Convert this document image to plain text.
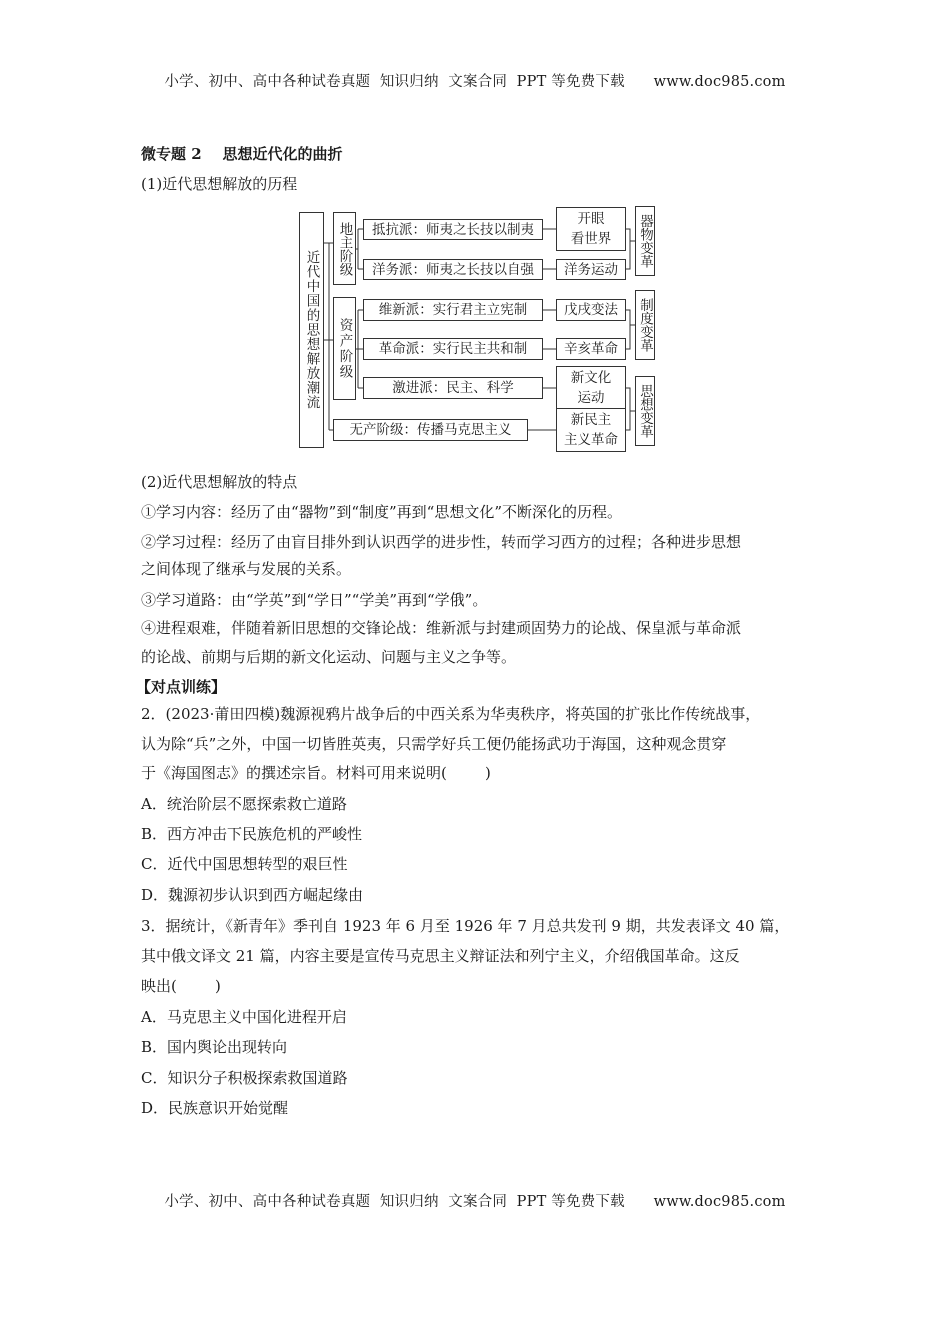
小学、初中、高中各种试卷真题  知识归纳  文案合同  PPT 等免费下载      www.doc985.com
微专题 2    思想近代化的曲折
(1)近代思想解放的历程
近代中国的思想解放潮流
地主阶级
资产阶级
抵抗派：师夷之长技以制夷
洋务派：师夷之长技以自强
维新派：实行君主立宪制
革命派：实行民主共和制
激进派：民主、科学
无产阶级：传播马克思主义
开眼
看世界
洋务运动
戊戌变法
辛亥革命
新文化
运动
新民主
主义革命
器物变革
制度变革
思想变革
(2)近代思想解放的特点
①学习内容：经历了由“器物”到“制度”再到“思想文化”不断深化的历程。
②学习过程：经历了由盲目排外到认识西学的进步性，转而学习西方的过程；各种进步思想
之间体现了继承与发展的关系。
③学习道路：由“学英”到“学日”“学美”再到“学俄”。
④进程艰难，伴随着新旧思想的交锋论战：维新派与封建顽固势力的论战、保皇派与革命派
的论战、前期与后期的新文化运动、问题与主义之争等。
【对点训练】
2．(2023·莆田四模)魏源视鸦片战争后的中西关系为华夷秩序，将英国的扩张比作传统战事，
认为除“兵”之外，中国一切皆胜英夷，只需学好兵工便仍能扬武功于海国，这种观念贯穿
于《海国图志》的撰述宗旨。材料可用来说明(        )
A．统治阶层不愿探索救亡道路
B．西方冲击下民族危机的严峻性
C．近代中国思想转型的艰巨性
D．魏源初步认识到西方崛起缘由
3．据统计，《新青年》季刊自 1923 年 6 月至 1926 年 7 月总共发刊 9 期，共发表译文 40 篇，
其中俄文译文 21 篇，内容主要是宣传马克思主义辩证法和列宁主义，介绍俄国革命。这反
映出(        )
A．马克思主义中国化进程开启
B．国内舆论出现转向
C．知识分子积极探索救国道路
D．民族意识开始觉醒
小学、初中、高中各种试卷真题  知识归纳  文案合同  PPT 等免费下载      www.doc985.com
